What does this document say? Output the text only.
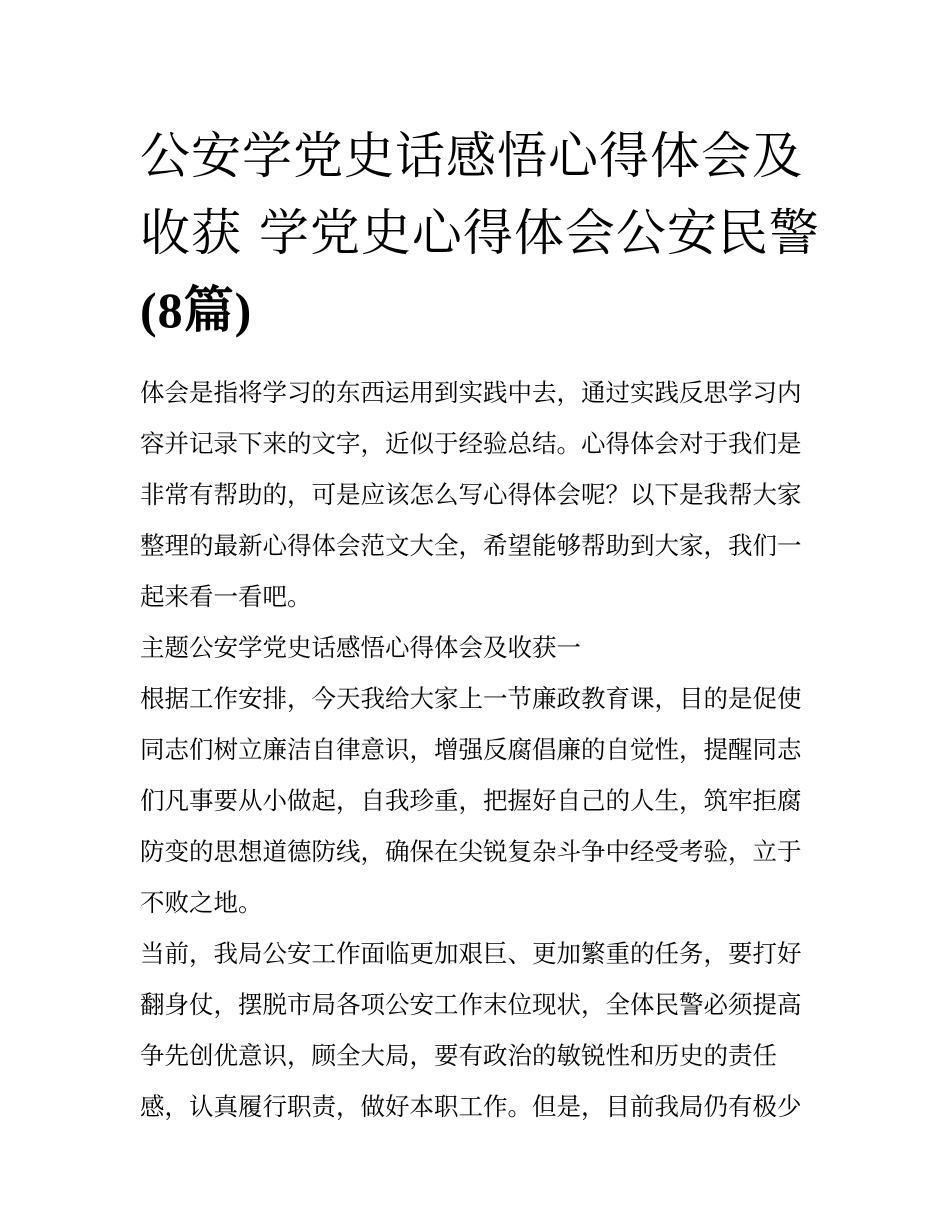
公安学党史话感悟心得体会及
收获 学党史心得体会公安民警
(8篇)

体会是指将学习的东西运用到实践中去，通过实践反思学习内
容并记录下来的文字，近似于经验总结。心得体会对于我们是
非常有帮助的，可是应该怎么写心得体会呢？以下是我帮大家
整理的最新心得体会范文大全，希望能够帮助到大家，我们一
起来看一看吧。

主题公安学党史话感悟心得体会及收获一

根据工作安排，今天我给大家上一节廉政教育课，目的是促使
同志们树立廉洁自律意识，增强反腐倡廉的自觉性，提醒同志
们凡事要从小做起，自我珍重，把握好自己的人生，筑牢拒腐
防变的思想道德防线，确保在尖锐复杂斗争中经受考验，立于
不败之地。

当前，我局公安工作面临更加艰巨、更加繁重的任务，要打好
翻身仗，摆脱市局各项公安工作末位现状，全体民警必须提高
争先创优意识，顾全大局，要有政治的敏锐性和历史的责任
感，认真履行职责，做好本职工作。但是，目前我局仍有极少
